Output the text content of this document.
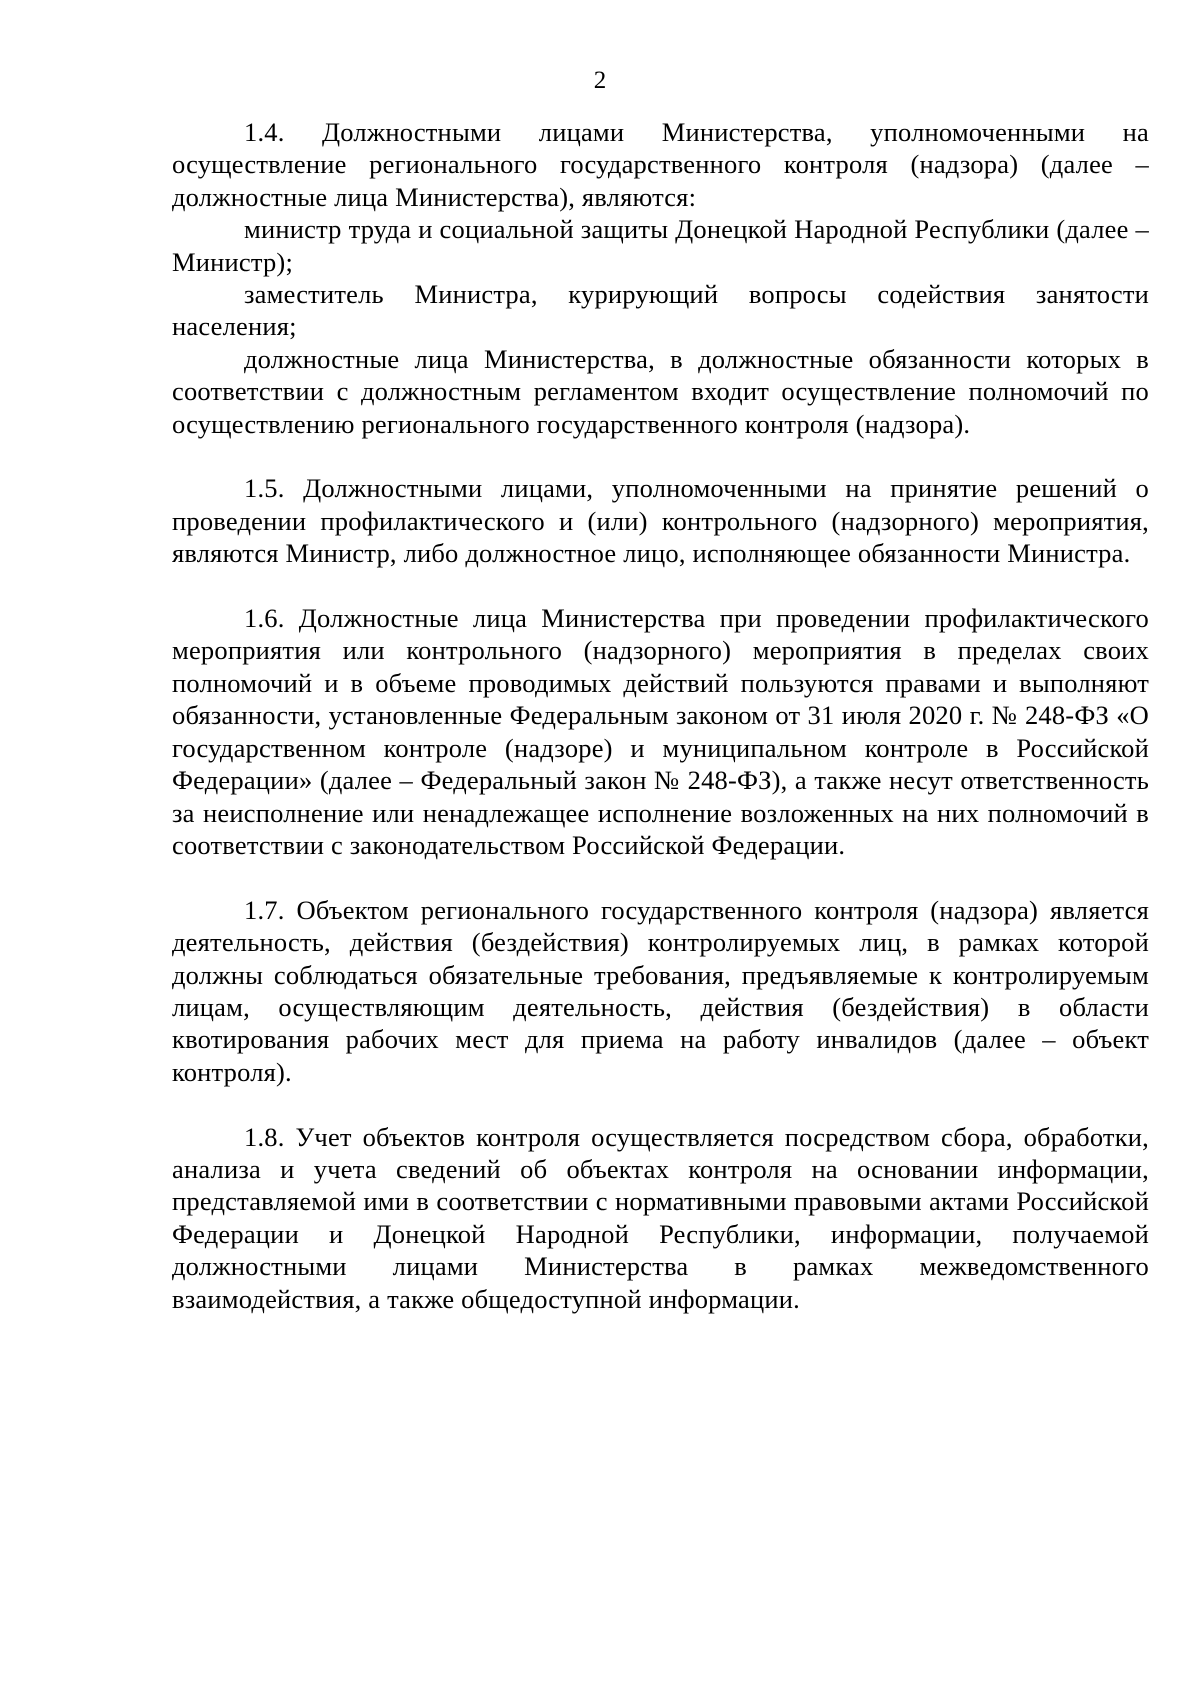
2

1.4. Должностными лицами Министерства, уполномоченными на осуществление регионального государственного контроля (надзора) (далее – должностные лица Министерства), являются:

министр труда и социальной защиты Донецкой Народной Республики (далее – Министр);

заместитель Министра, курирующий вопросы содействия занятости населения;

должностные лица Министерства, в должностные обязанности которых в соответствии с должностным регламентом входит осуществление полномочий по осуществлению регионального государственного контроля (надзора).

1.5. Должностными лицами, уполномоченными на принятие решений о проведении профилактического и (или) контрольного (надзорного) мероприятия, являются Министр, либо должностное лицо, исполняющее обязанности Министра.

1.6. Должностные лица Министерства при проведении профилактического мероприятия или контрольного (надзорного) мероприятия в пределах своих полномочий и в объеме проводимых действий пользуются правами и выполняют обязанности, установленные Федеральным законом от 31 июля 2020 г. № 248-ФЗ «О государственном контроле (надзоре) и муниципальном контроле в Российской Федерации» (далее – Федеральный закон № 248-ФЗ), а также несут ответственность за неисполнение или ненадлежащее исполнение возложенных на них полномочий в соответствии с законодательством Российской Федерации.

1.7. Объектом регионального государственного контроля (надзора) является деятельность, действия (бездействия) контролируемых лиц, в рамках которой должны соблюдаться обязательные требования, предъявляемые к контролируемым лицам, осуществляющим деятельность, действия (бездействия) в области квотирования рабочих мест для приема на работу инвалидов (далее – объект контроля).

1.8. Учет объектов контроля осуществляется посредством сбора, обработки, анализа и учета сведений об объектах контроля на основании информации, представляемой ими в соответствии с нормативными правовыми актами Российской Федерации и Донецкой Народной Республики, информации, получаемой должностными лицами Министерства в рамках межведомственного взаимодействия, а также общедоступной информации.
